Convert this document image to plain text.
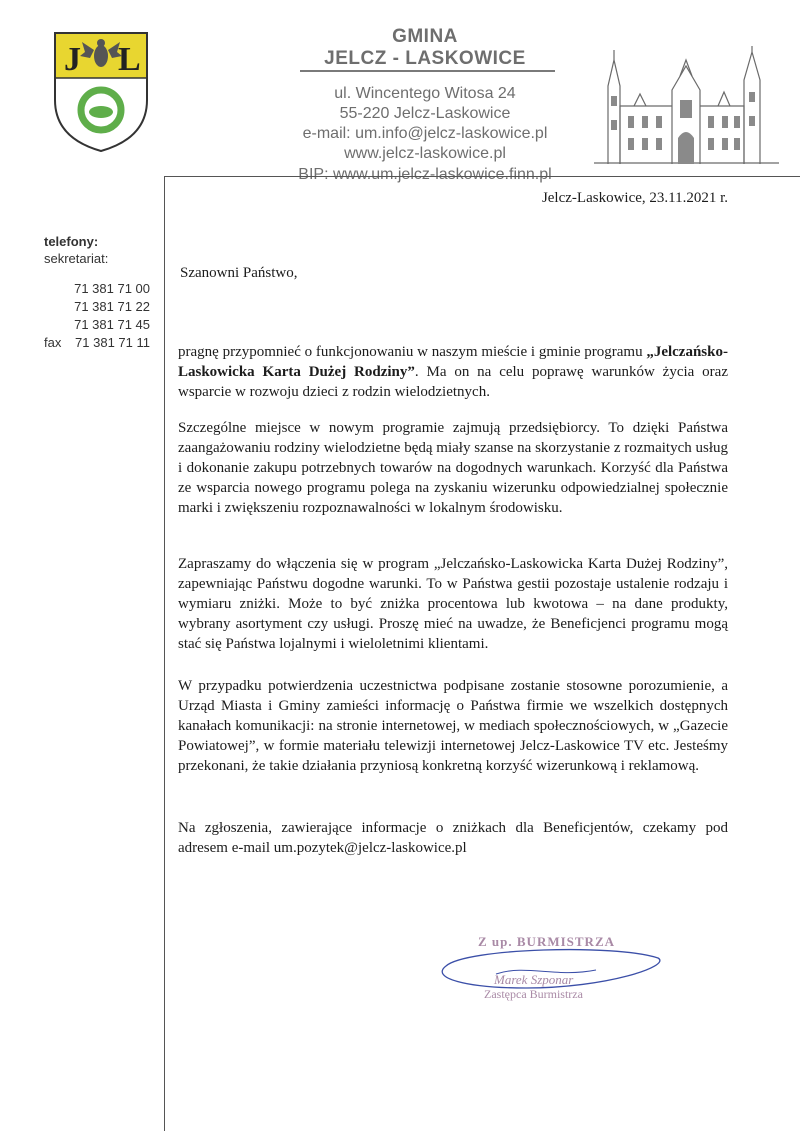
J L
GMINA
JELCZ - LASKOWICE
ul. Wincentego Witosa 24
55-220 Jelcz-Laskowice
e-mail: um.info@jelcz-laskowice.pl
www.jelcz-laskowice.pl
BIP: www.um.jelcz-laskowice.finn.pl
telefony:
sekretariat:
71 381 71 00
71 381 71 22
71 381 71 45
fax 71 381 71 11
Jelcz-Laskowice, 23.11.2021 r.
Szanowni Państwo,
pragnę przypomnieć o funkcjonowaniu w naszym mieście i gminie programu „Jelczańsko-Laskowicka Karta Dużej Rodziny”. Ma on na celu poprawę warunków życia oraz wsparcie w rozwoju dzieci z rodzin wielodzietnych.
Szczególne miejsce w nowym programie zajmują przedsiębiorcy. To dzięki Państwa zaangażowaniu rodziny wielodzietne będą miały szanse na skorzystanie z rozmaitych usług i dokonanie zakupu potrzebnych towarów na dogodnych warunkach. Korzyść dla Państwa ze wsparcia nowego programu polega na zyskaniu wizerunku odpowiedzialnej społecznie marki i zwiększeniu rozpoznawalności w lokalnym środowisku.
Zapraszamy do włączenia się w program „Jelczańsko-Laskowicka Karta Dużej Rodziny”, zapewniając Państwu dogodne warunki. To w Państwa gestii pozostaje ustalenie rodzaju i wymiaru zniżki. Może to być zniżka procentowa lub kwotowa – na dane produkty, wybrany asortyment czy usługi. Proszę mieć na uwadze, że Beneficjenci programu mogą stać się Państwa lojalnymi i wieloletnimi klientami.
W przypadku potwierdzenia uczestnictwa podpisane zostanie stosowne porozumienie, a Urząd Miasta i Gminy zamieści informację o Państwa firmie we wszelkich dostępnych kanałach komunikacji: na stronie internetowej, w mediach społecznościowych, w „Gazecie Powiatowej”, w formie materiału telewizji internetowej Jelcz-Laskowice TV etc. Jesteśmy przekonani, że takie działania przyniosą konkretną korzyść wizerunkową i reklamową.
Na zgłoszenia, zawierające informacje o zniżkach dla Beneficjentów, czekamy pod adresem e-mail um.pozytek@jelcz-laskowice.pl
Z up. BURMISTRZA
Marek Szponar
Zastępca Burmistrza
